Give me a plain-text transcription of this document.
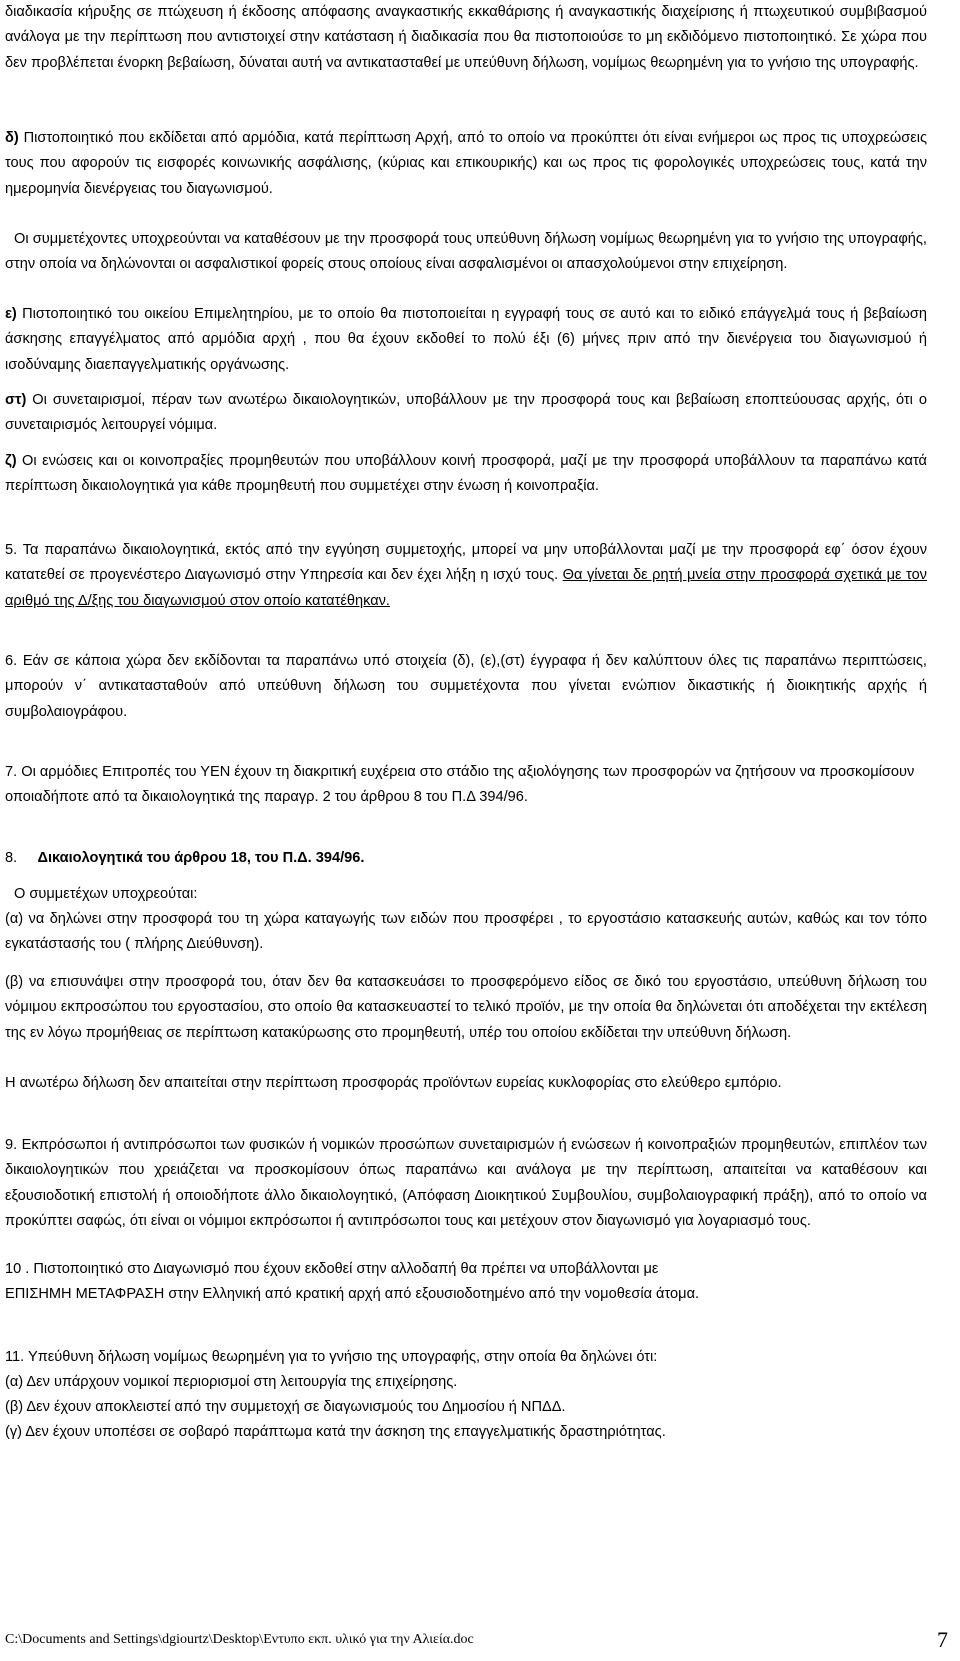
διαδικασία κήρυξης σε πτώχευση ή έκδοσης απόφασης αναγκαστικής εκκαθάρισης ή αναγκαστικής διαχείρισης ή πτωχευτικού συμβιβασμού ανάλογα με την περίπτωση που αντιστοιχεί στην κατάσταση ή διαδικασία που θα πιστοποιούσε το μη εκδιδόμενο πιστοποιητικό. Σε χώρα που δεν προβλέπεται ένορκη βεβαίωση, δύναται αυτή να αντικατασταθεί με υπεύθυνη δήλωση, νομίμως θεωρημένη για το γνήσιο της υπογραφής.

δ) Πιστοποιητικό που εκδίδεται από αρμόδια, κατά περίπτωση Αρχή, από το οποίο να προκύπτει ότι είναι ενήμεροι ως προς τις υποχρεώσεις τους που αφορούν τις εισφορές κοινωνικής ασφάλισης, (κύριας και επικουρικής) και ως προς τις φορολογικές υποχρεώσεις τους, κατά την ημερομηνία διενέργειας του διαγωνισμού.

Οι συμμετέχοντες υποχρεούνται να καταθέσουν με την προσφορά τους υπεύθυνη δήλωση νομίμως θεωρημένη για το γνήσιο της υπογραφής, στην οποία να δηλώνονται οι ασφαλιστικοί φορείς στους οποίους είναι ασφαλισμένοι οι απασχολούμενοι στην επιχείρηση.

ε) Πιστοποιητικό του οικείου Επιμελητηρίου, με το οποίο θα πιστοποιείται η εγγραφή τους σε αυτό και το ειδικό επάγγελμά τους ή βεβαίωση άσκησης επαγγέλματος από αρμόδια αρχή , που θα έχουν εκδοθεί το πολύ έξι (6) μήνες πριν από την διενέργεια του διαγωνισμού ή ισοδύναμης διαεπαγγελματικής οργάνωσης.

στ) Οι συνεταιρισμοί, πέραν των ανωτέρω δικαιολογητικών, υποβάλλουν με την προσφορά τους και βεβαίωση εποπτεύουσας αρχής, ότι ο συνεταιρισμός λειτουργεί νόμιμα.

ζ) Οι ενώσεις και οι κοινοπραξίες προμηθευτών που υποβάλλουν κοινή προσφορά, μαζί με την προσφορά υποβάλλουν τα παραπάνω κατά περίπτωση δικαιολογητικά για κάθε προμηθευτή που συμμετέχει στην ένωση ή κοινοπραξία.

5. Τα παραπάνω δικαιολογητικά, εκτός από την εγγύηση συμμετοχής, μπορεί να μην υποβάλλονται μαζί με την προσφορά εφ΄ όσον έχουν κατατεθεί σε προγενέστερο Διαγωνισμό στην Υπηρεσία και δεν έχει λήξη η ισχύ τους. Θα γίνεται δε ρητή μνεία στην προσφορά σχετικά με τον αριθμό της Δ/ξης του διαγωνισμού στον οποίο κατατέθηκαν.

6. Εάν σε κάποια χώρα δεν εκδίδονται τα παραπάνω υπό στοιχεία (δ), (ε),(στ) έγγραφα ή δεν καλύπτουν όλες τις παραπάνω περιπτώσεις, μπορούν ν΄ αντικατασταθούν από υπεύθυνη δήλωση του συμμετέχοντα που γίνεται ενώπιον δικαστικής ή διοικητικής αρχής ή συμβολαιογράφου.

7. Οι αρμόδιες Επιτροπές του ΥΕΝ έχουν τη διακριτική ευχέρεια στο στάδιο της αξιολόγησης των προσφορών να ζητήσουν να προσκομίσουν οποιαδήποτε από τα δικαιολογητικά της παραγρ. 2 του άρθρου 8 του Π.Δ 394/96.

8. Δικαιολογητικά του άρθρου 18, του Π.Δ. 394/96.

Ο συμμετέχων υποχρεούται:

(α) να δηλώνει στην προσφορά του τη χώρα καταγωγής των ειδών που προσφέρει , το εργοστάσιο κατασκευής αυτών, καθώς και τον τόπο εγκατάστασής του ( πλήρης Διεύθυνση).

(β) να επισυνάψει στην προσφορά του, όταν δεν θα κατασκευάσει το προσφερόμενο είδος σε δικό του εργοστάσιο, υπεύθυνη δήλωση του νόμιμου εκπροσώπου του εργοστασίου, στο οποίο θα κατασκευαστεί το τελικό προϊόν, με την οποία θα δηλώνεται ότι αποδέχεται την εκτέλεση της εν λόγω προμήθειας σε περίπτωση κατακύρωσης στο προμηθευτή, υπέρ του οποίου εκδίδεται την υπεύθυνη δήλωση.

Η ανωτέρω δήλωση δεν απαιτείται στην περίπτωση προσφοράς προϊόντων ευρείας κυκλοφορίας στο ελεύθερο εμπόριο.

9. Εκπρόσωποι ή αντιπρόσωποι των φυσικών ή νομικών προσώπων συνεταιρισμών ή ενώσεων ή κοινοπραξιών προμηθευτών, επιπλέον των δικαιολογητικών που χρειάζεται να προσκομίσουν όπως παραπάνω και ανάλογα με την περίπτωση, απαιτείται να καταθέσουν και εξουσιοδοτική επιστολή ή οποιοδήποτε άλλο δικαιολογητικό, (Απόφαση Διοικητικού Συμβουλίου, συμβολαιογραφική πράξη), από το οποίο να προκύπτει σαφώς, ότι είναι οι νόμιμοι εκπρόσωποι ή αντιπρόσωποι τους και μετέχουν στον διαγωνισμό για λογαριασμό τους.

10 . Πιστοποιητικό στο Διαγωνισμό που έχουν εκδοθεί στην αλλοδαπή θα πρέπει να υποβάλλονται με
ΕΠΙΣΗΜΗ ΜΕΤΑΦΡΑΣΗ στην Ελληνική από κρατική αρχή από εξουσιοδοτημένο από την νομοθεσία άτομα.

11. Υπεύθυνη δήλωση νομίμως θεωρημένη για το γνήσιο της υπογραφής, στην οποία θα δηλώνει ότι:

(α) Δεν υπάρχουν νομικοί περιορισμοί στη λειτουργία της επιχείρησης.

(β) Δεν έχουν αποκλειστεί από την συμμετοχή σε διαγωνισμούς του Δημοσίου ή ΝΠΔΔ.

(γ) Δεν έχουν υποπέσει σε σοβαρό παράπτωμα κατά την άσκηση της επαγγελματικής δραστηριότητας.

C:\Documents and Settings\dgiourtz\Desktop\Εντυπο εκπ. υλικό για την Αλιεία.doc	7
